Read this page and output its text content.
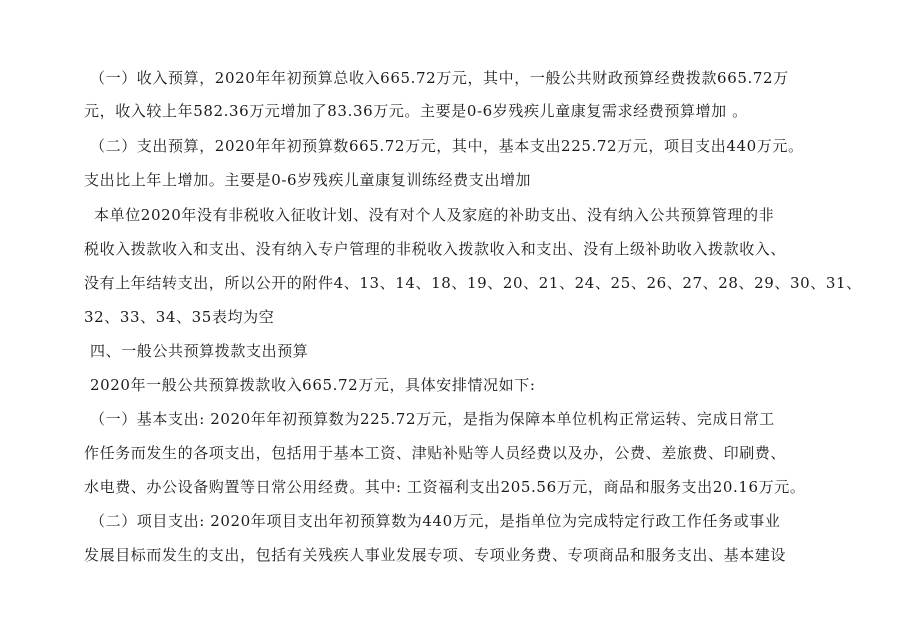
（一）收入预算，2020年年初预算总收入665.72万元，其中，一般公共财政预算经费拨款665.72万
元，收入较上年582.36万元增加了83.36万元。主要是0-6岁残疾儿童康复需求经费预算增加 。
（二）支出预算，2020年年初预算数665.72万元，其中，基本支出225.72万元，项目支出440万元。
支出比上年上增加。主要是0-6岁残疾儿童康复训练经费支出增加
本单位2020年没有非税收入征收计划、没有对个人及家庭的补助支出、没有纳入公共预算管理的非
税收入拨款收入和支出、没有纳入专户管理的非税收入拨款收入和支出、没有上级补助收入拨款收入、
没有上年结转支出，所以公开的附件4、13、14、18、19、20、21、24、25、26、27、28、29、30、31、
32、33、34、35表均为空
四、一般公共预算拨款支出预算
2020年一般公共预算拨款收入665.72万元，具体安排情况如下:
（一）基本支出: 2020年年初预算数为225.72万元，是指为保障本单位机构正常运转、完成日常工
作任务而发生的各项支出，包括用于基本工资、津贴补贴等人员经费以及办，公费、差旅费、印刷费、
水电费、办公设备购置等日常公用经费。其中: 工资福利支出205.56万元，商品和服务支出20.16万元。
（二）项目支出: 2020年项目支出年初预算数为440万元，是指单位为完成特定行政工作任务或事业
发展目标而发生的支出，包括有关残疾人事业发展专项、专项业务费、专项商品和服务支出、基本建设
